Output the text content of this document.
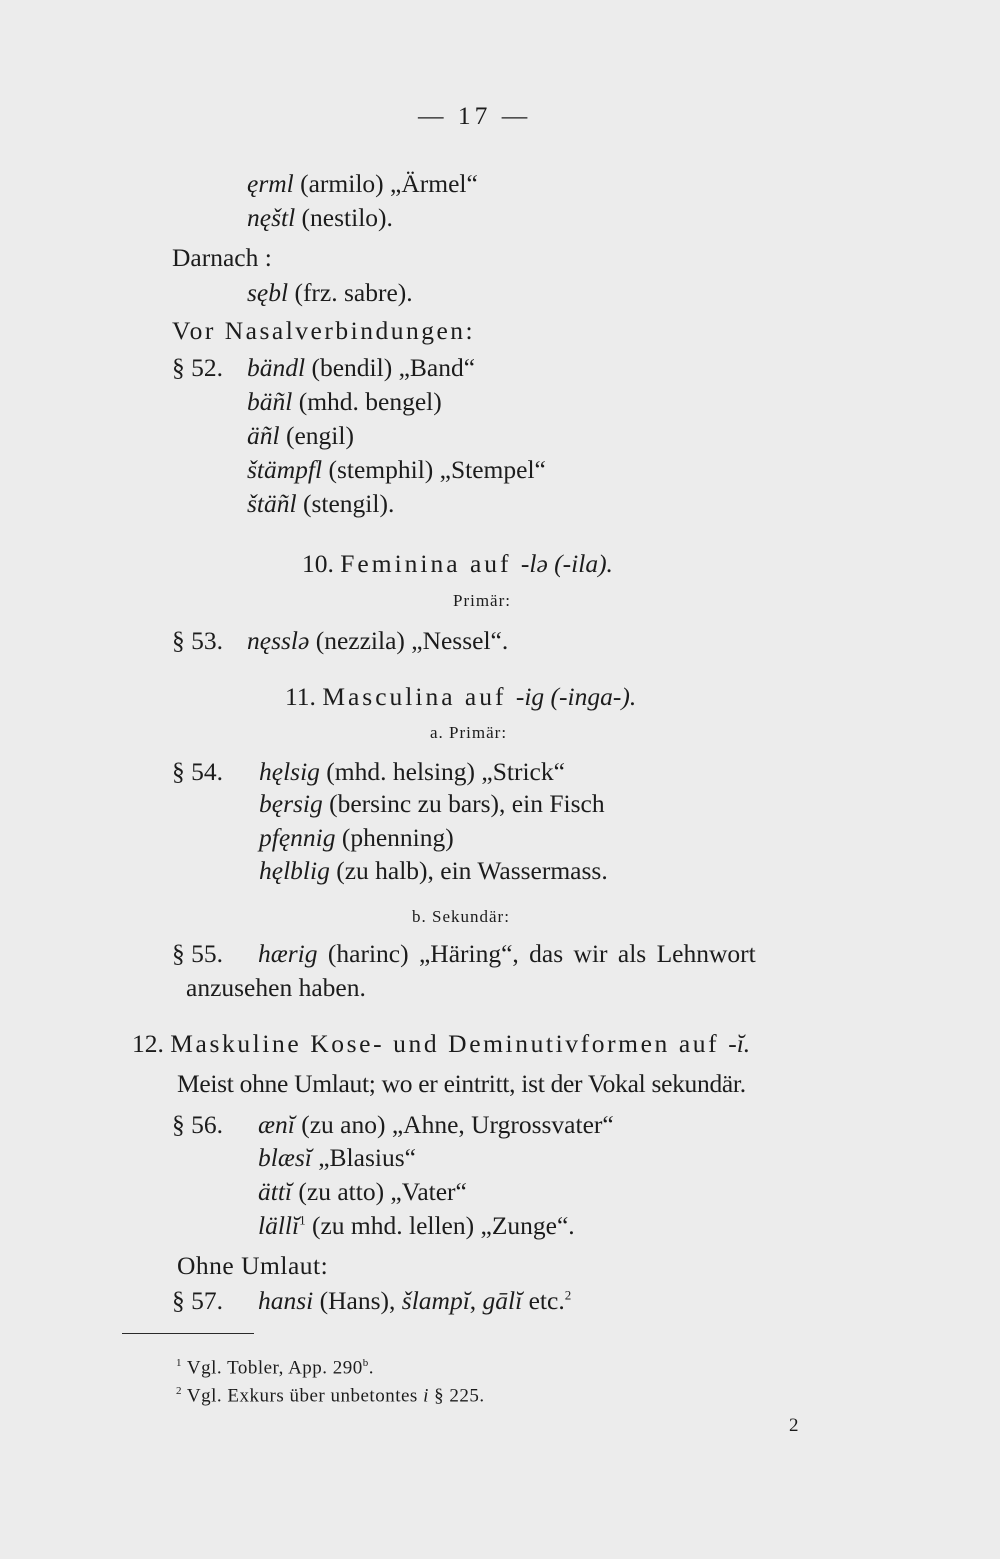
— 17 —
ęrml (armilo) „Ärmel“
nęštl (nestilo).
Darnach :
sębl (frz. sabre).
Vor Nasalverbindungen:
§ 52. bändl (bendil) „Band“
bäñl (mhd. bengel)
äñl (engil)
štämpfl (stemphil) „Stempel“
štäñl (stengil).
10. Feminina auf -lə (-ila).
Primär:
§ 53. nęsslə (nezzila) „Nessel“.
11. Masculina auf -ig (-inga-).
a. Primär:
§ 54. hęlsig (mhd. helsing) „Strick“
bęrsig (bersinc zu bars), ein Fisch
pfęnnig (phenning)
hęlblig (zu halb), ein Wassermass.
b. Sekundär:
§ 55. hærig (harinc) „Häring“, das wir als Lehnwort
anzusehen haben.
12. Maskuline Kose- und Deminutivformen auf -ĭ.
Meist ohne Umlaut; wo er eintritt, ist der Vokal sekundär.
§ 56. ænĭ (zu ano) „Ahne, Urgrossvater“
blæsĭ „Blasius“
ättĭ (zu atto) „Vater“
lällĭ$^1$ (zu mhd. lellen) „Zunge“.
Ohne Umlaut:
§ 57. hansi (Hans), šlampĭ, gālĭ etc.$^2$
$^1$ Vgl. Tobler, App. 290$^b$.
$^2$ Vgl. Exkurs über unbetontes i § 225.
2
